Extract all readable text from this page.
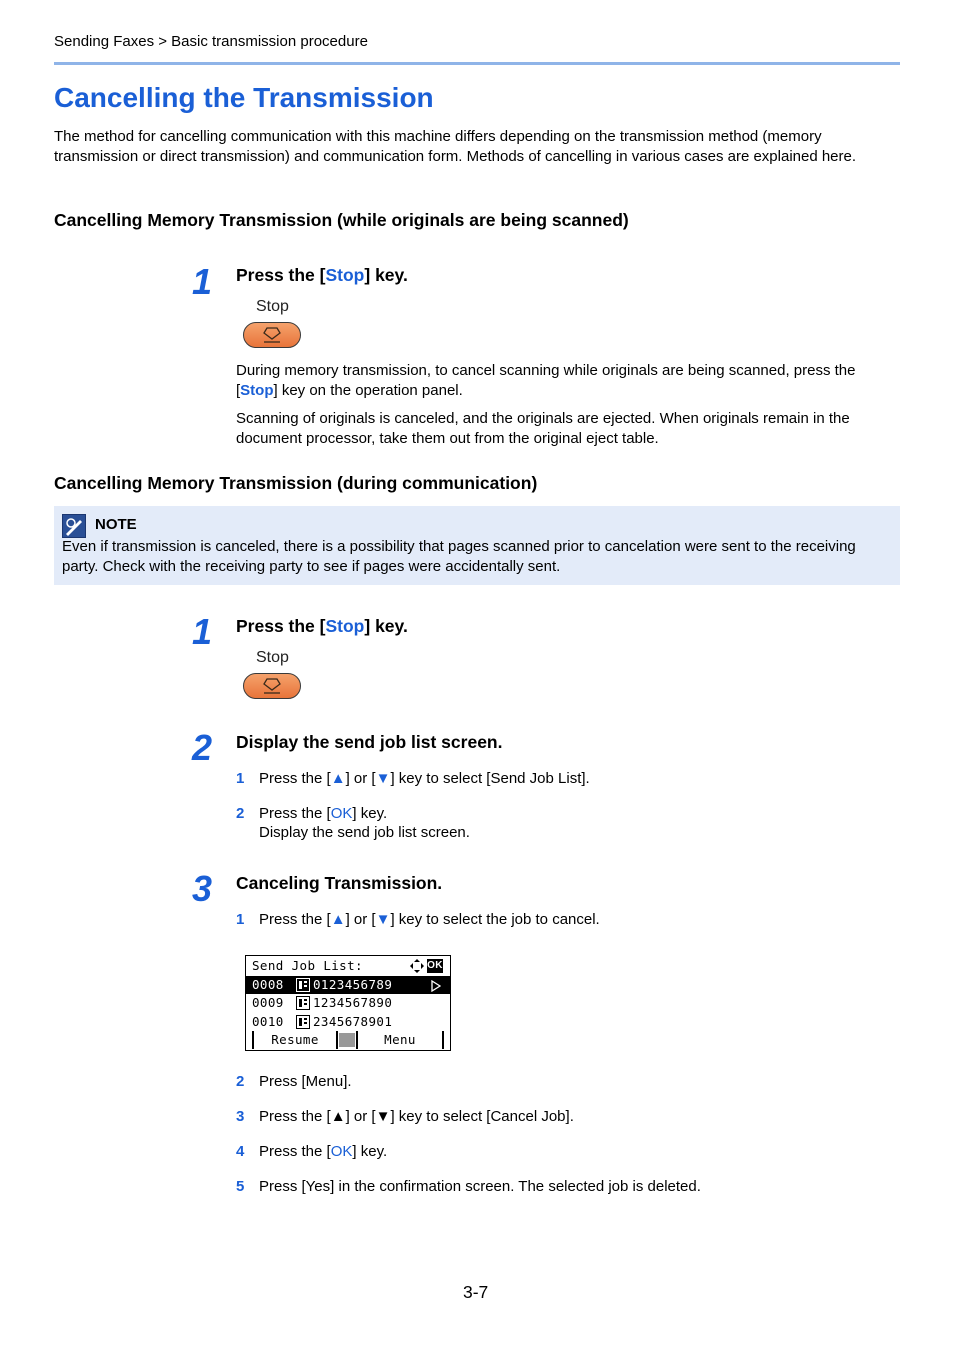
Sending Faxes > Basic transmission procedure
Cancelling the Transmission

The method for cancelling communication with this machine differs depending on the transmission method (memory transmission or direct transmission) and communication form. Methods of cancelling in various cases are explained here.

Cancelling Memory Transmission (while originals are being scanned)
1 Press the [Stop] key.
Stop

During memory transmission, to cancel scanning while originals are being scanned, press the [Stop] key on the operation panel.

Scanning of originals is canceled, and the originals are ejected. When originals remain in the document processor, take them out from the original eject table.

Cancelling Memory Transmission (during communication)
NOTE

Even if transmission is canceled, there is a possibility that pages scanned prior to cancelation were sent to the receiving party. Check with the receiving party to see if pages were accidentally sent.

1 Press the [Stop] key.
Stop
2 Display the send job list screen.
1 Press the [▲] or [▼] key to select [Send Job List].
2 Press the [OK] key.
Display the send job list screen.
3 Canceling Transmission.
1 Press the [▲] or [▼] key to select the job to cancel.
Send Job List:	OK
0008 0123456789
0009 1234567890
0010 2345678901
Resume	Menu
2 Press [Menu].
3 Press the [▲] or [▼] key to select [Cancel Job].
4 Press the [OK] key.
5 Press [Yes] in the confirmation screen. The selected job is deleted.
3-7
